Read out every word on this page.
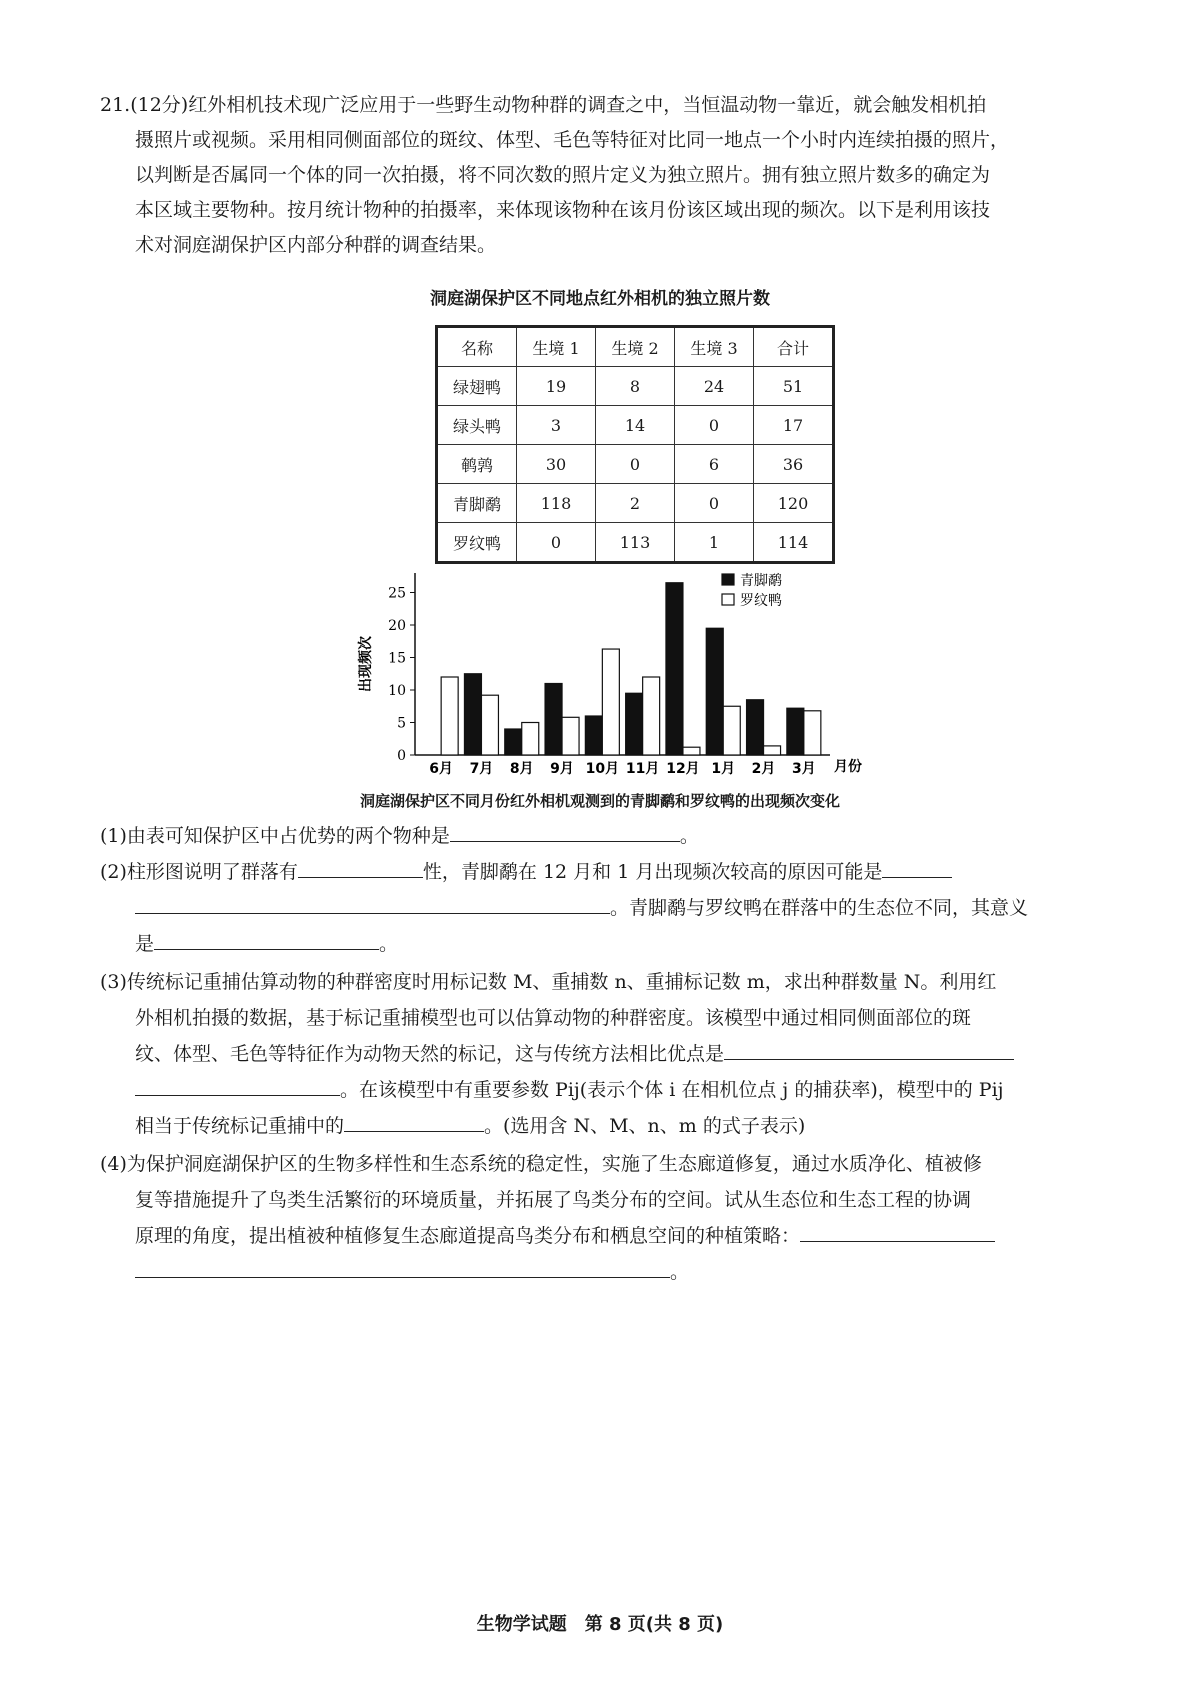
21.(12分)红外相机技术现广泛应用于一些野生动物种群的调查之中，当恒温动物一靠近，就会触发相机拍
摄照片或视频。采用相同侧面部位的斑纹、体型、毛色等特征对比同一地点一个小时内连续拍摄的照片，
以判断是否属同一个体的同一次拍摄，将不同次数的照片定义为独立照片。拥有独立照片数多的确定为
本区域主要物种。按月统计物种的拍摄率，来体现该物种在该月份该区域出现的频次。以下是利用该技
术对洞庭湖保护区内部分种群的调查结果。
洞庭湖保护区不同地点红外相机的独立照片数
名称	生境 1	生境 2	生境 3	合计
绿翅鸭	19	8	24	51
绿头鸭	3	14	0	17
鹌鹑	30	0	6	36
青脚鹬	118	2	0	120
罗纹鸭	0	113	1	114
0
5
10
15
20
25
出现频次
6月 7月 8月 9月 10月 11月 12月 1月 2月 3月 月份
青脚鹬
罗纹鸭
洞庭湖保护区不同月份红外相机观测到的青脚鹬和罗纹鸭的出现频次变化
(1)由表可知保护区中占优势的两个物种是	。
(2)柱形图说明了群落有	性，青脚鹬在 12 月和 1 月出现频次较高的原因可能是
。青脚鹬与罗纹鸭在群落中的生态位不同，其意义
是	。
(3)传统标记重捕估算动物的种群密度时用标记数 M、重捕数 n、重捕标记数 m，求出种群数量 N。利用红
外相机拍摄的数据，基于标记重捕模型也可以估算动物的种群密度。该模型中通过相同侧面部位的斑
纹、体型、毛色等特征作为动物天然的标记，这与传统方法相比优点是
。在该模型中有重要参数 Pij(表示个体 i 在相机位点 j 的捕获率)，模型中的 Pij
相当于传统标记重捕中的	。(选用含 N、M、n、m 的式子表示)
(4)为保护洞庭湖保护区的生物多样性和生态系统的稳定性，实施了生态廊道修复，通过水质净化、植被修
复等措施提升了鸟类生活繁衍的环境质量，并拓展了鸟类分布的空间。试从生态位和生态工程的协调
原理的角度，提出植被种植修复生态廊道提高鸟类分布和栖息空间的种植策略：
。
生物学试题　第 8 页(共 8 页)
